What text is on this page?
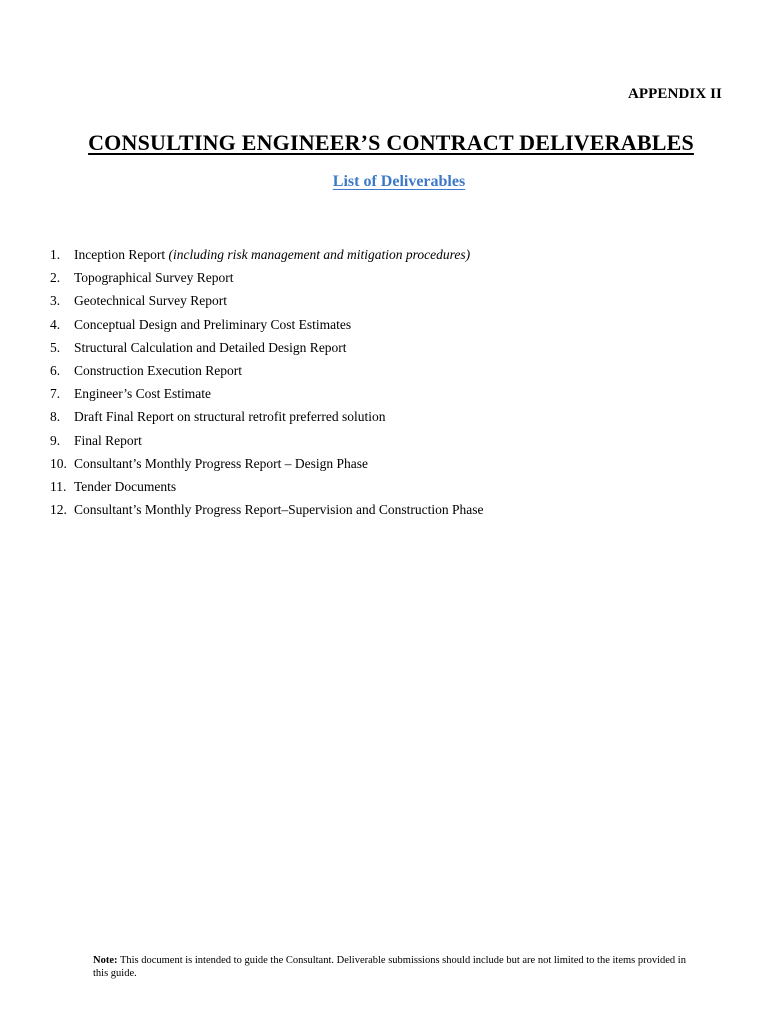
APPENDIX II
CONSULTING ENGINEER’S CONTRACT DELIVERABLES
List of Deliverables
1. Inception Report (including risk management and mitigation procedures)
2. Topographical Survey Report
3. Geotechnical Survey Report
4. Conceptual Design and Preliminary Cost Estimates
5. Structural Calculation and Detailed Design Report
6. Construction Execution Report
7. Engineer’s Cost Estimate
8. Draft Final Report on structural retrofit preferred solution
9. Final Report
10. Consultant’s Monthly Progress Report – Design Phase
11. Tender Documents
12. Consultant’s Monthly Progress Report–Supervision and Construction Phase
Note: This document is intended to guide the Consultant. Deliverable submissions should include but are not limited to the items provided in this guide.
